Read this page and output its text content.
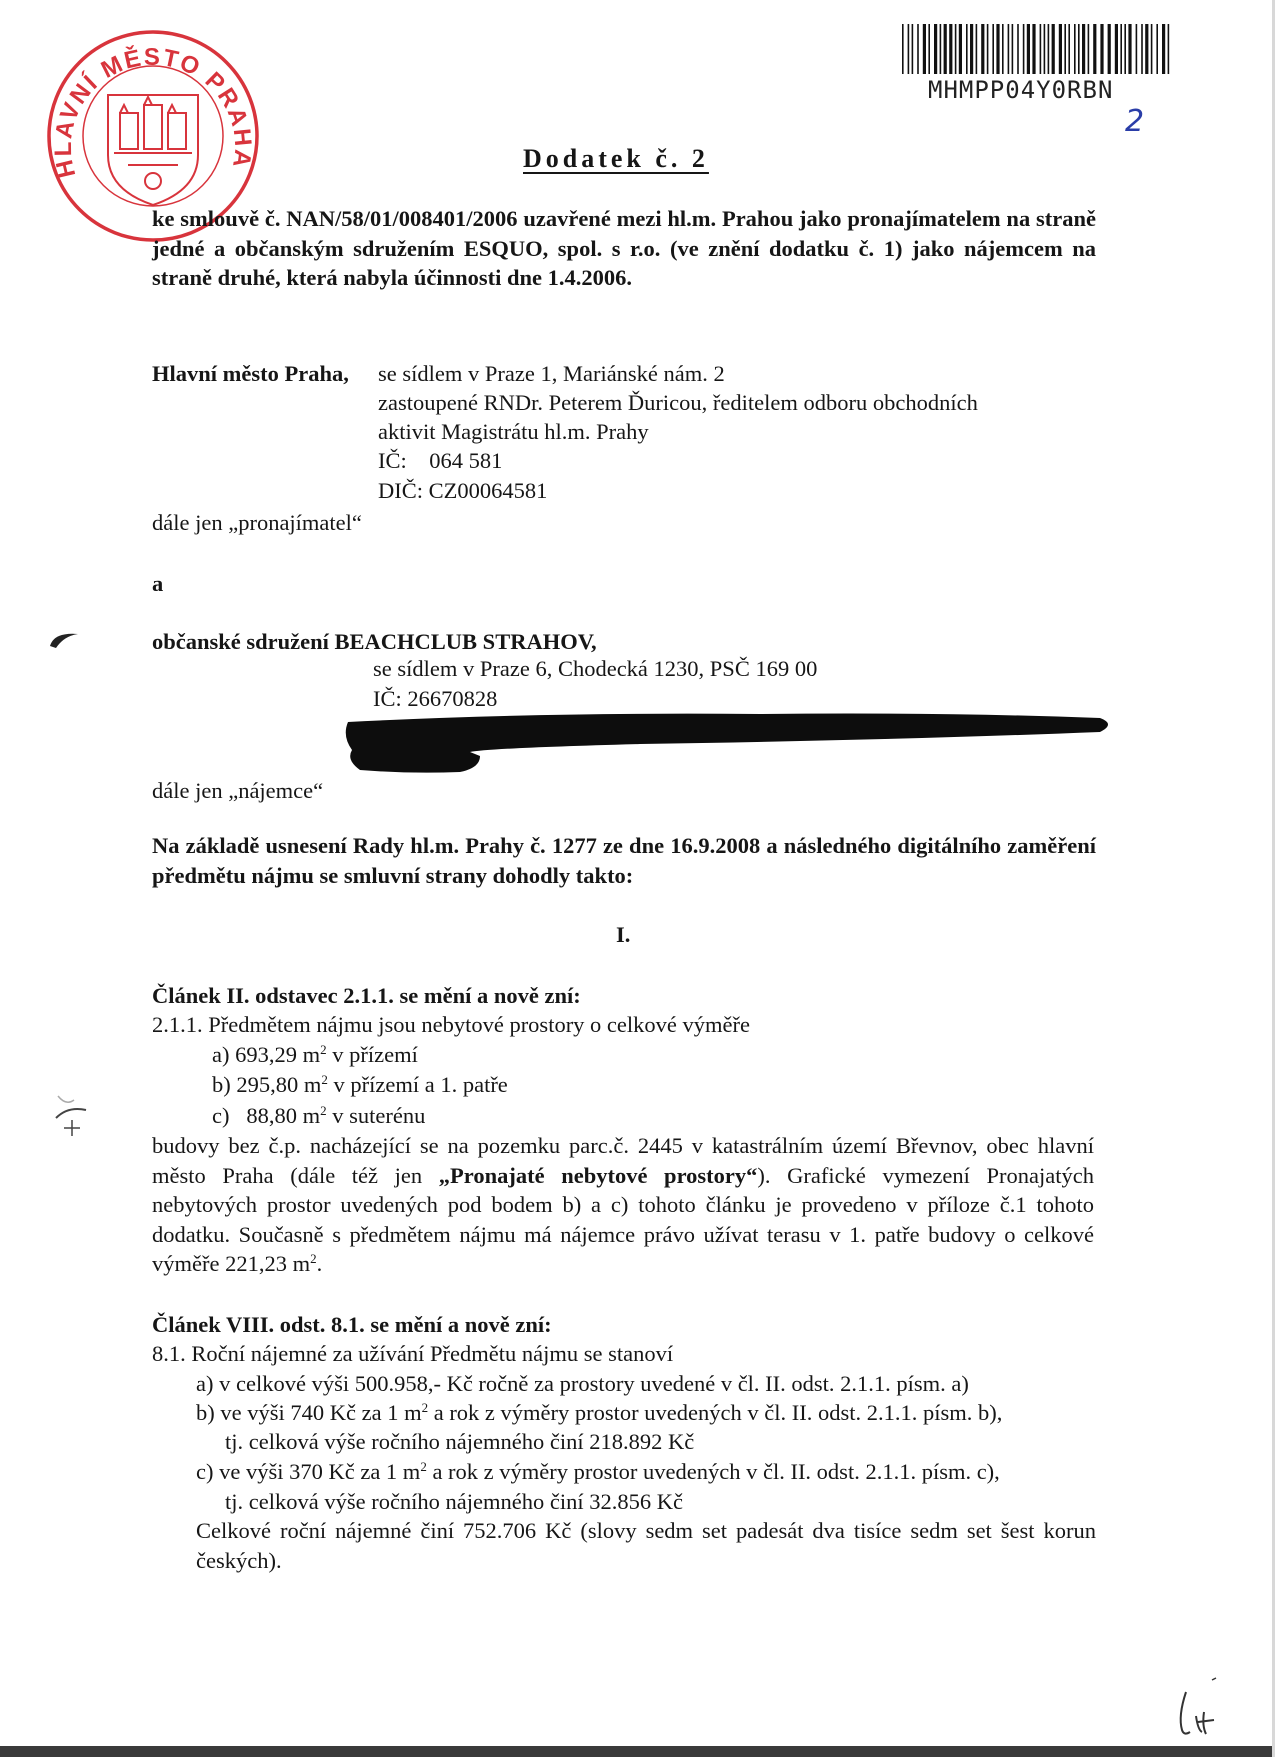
HLAVNÍ MĚSTO PRAHA
MHMPP04Y0RBN
2
Dodatek č. 2
ke smlouvě č. NAN/58/01/008401/2006 uzavřené mezi hl.m. Prahou jako pronajímatelem na straně jedné a občanským sdružením ESQUO, spol. s r.o. (ve znění dodatku č. 1) jako nájemcem na straně druhé, která nabyla účinnosti dne 1.4.2006.
Hlavní město Praha, se sídlem v Praze 1, Mariánské nám. 2
zastoupené RNDr. Peterem Ďuricou, ředitelem odboru obchodních
aktivit Magistrátu hl.m. Prahy
IČ:    064 581
DIČ: CZ00064581
dále jen „pronajímatel“
a
občanské sdružení BEACHCLUB STRAHOV,
se sídlem v Praze 6, Chodecká 1230, PSČ 169 00
IČ: 26670828
dále jen „nájemce“
Na základě usnesení Rady hl.m. Prahy č. 1277 ze dne 16.9.2008 a následného digitálního zaměření předmětu nájmu se smluvní strany dohodly takto:
I.
Článek II. odstavec 2.1.1. se mění a nově zní:
2.1.1. Předmětem nájmu jsou nebytové prostory o celkové výměře
a) 693,29 $m^2$ v přízemí
b) 295,80 $m^2$ v přízemí a 1. patře
c)   88,80 $m^2$ v suterénu
budovy bez č.p. nacházející se na pozemku parc.č. 2445 v katastrálním území Břevnov, obec hlavní město Praha (dále též jen „Pronajaté nebytové prostory“). Grafické vymezení Pronajatých nebytových prostor uvedených pod bodem b) a c) tohoto článku je provedeno v příloze č.1 tohoto dodatku. Současně s předmětem nájmu má nájemce právo užívat terasu v 1. patře budovy o celkové výměře 221,23 $m^2$.
Článek VIII. odst. 8.1. se mění a nově zní:
8.1. Roční nájemné za užívání Předmětu nájmu se stanoví
a) v celkové výši 500.958,- Kč ročně za prostory uvedené v čl. II. odst. 2.1.1. písm. a)
b) ve výši 740 Kč za 1 $m^2$ a rok z výměry prostor uvedených v čl. II. odst. 2.1.1. písm. b),
tj. celková výše ročního nájemného činí 218.892 Kč
c) ve výši 370 Kč za 1 $m^2$ a rok z výměry prostor uvedených v čl. II. odst. 2.1.1. písm. c),
tj. celková výše ročního nájemného činí 32.856 Kč
Celkové roční nájemné činí 752.706 Kč (slovy sedm set padesát dva tisíce sedm set šest korun českých).
